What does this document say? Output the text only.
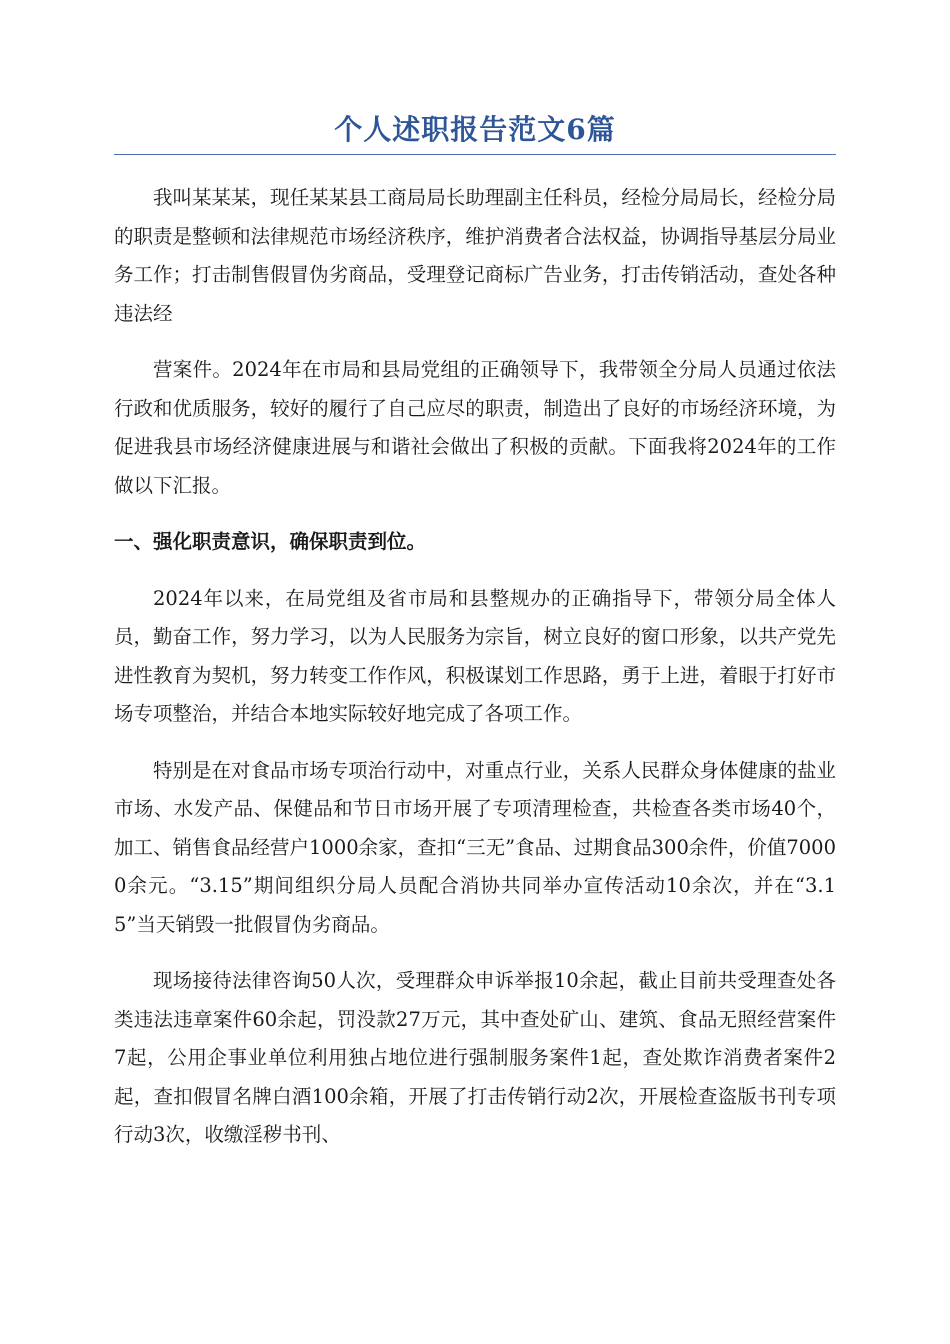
个人述职报告范文6篇

我叫某某某，现任某某县工商局局长助理副主任科员，经检分局局长，经检分局的职责是整顿和法律规范市场经济秩序，维护消费者合法权益，协调指导基层分局业务工作；打击制售假冒伪劣商品，受理登记商标广告业务，打击传销活动，查处各种违法经

营案件。2024年在市局和县局党组的正确领导下，我带领全分局人员通过依法行政和优质服务，较好的履行了自己应尽的职责，制造出了良好的市场经济环境，为促进我县市场经济健康进展与和谐社会做出了积极的贡献。下面我将2024年的工作做以下汇报。

一、强化职责意识，确保职责到位。

2024年以来，在局党组及省市局和县整规办的正确指导下，带领分局全体人员，勤奋工作，努力学习，以为人民服务为宗旨，树立良好的窗口形象，以共产党先进性教育为契机，努力转变工作作风，积极谋划工作思路，勇于上进，着眼于打好市场专项整治，并结合本地实际较好地完成了各项工作。

特别是在对食品市场专项治行动中，对重点行业，关系人民群众身体健康的盐业市场、水发产品、保健品和节日市场开展了专项清理检查，共检查各类市场40个，加工、销售食品经营户1000余家，查扣“三无”食品、过期食品300余件，价值70000余元。“3.15”期间组织分局人员配合消协共同举办宣传活动10余次，并在“3.15”当天销毁一批假冒伪劣商品。

现场接待法律咨询50人次，受理群众申诉举报10余起，截止目前共受理查处各类违法违章案件60余起，罚没款27万元，其中查处矿山、建筑、食品无照经营案件7起，公用企事业单位利用独占地位进行强制服务案件1起，查处欺诈消费者案件2起，查扣假冒名牌白酒100余箱，开展了打击传销行动2次，开展检查盗版书刊专项行动3次，收缴淫秽书刊、
